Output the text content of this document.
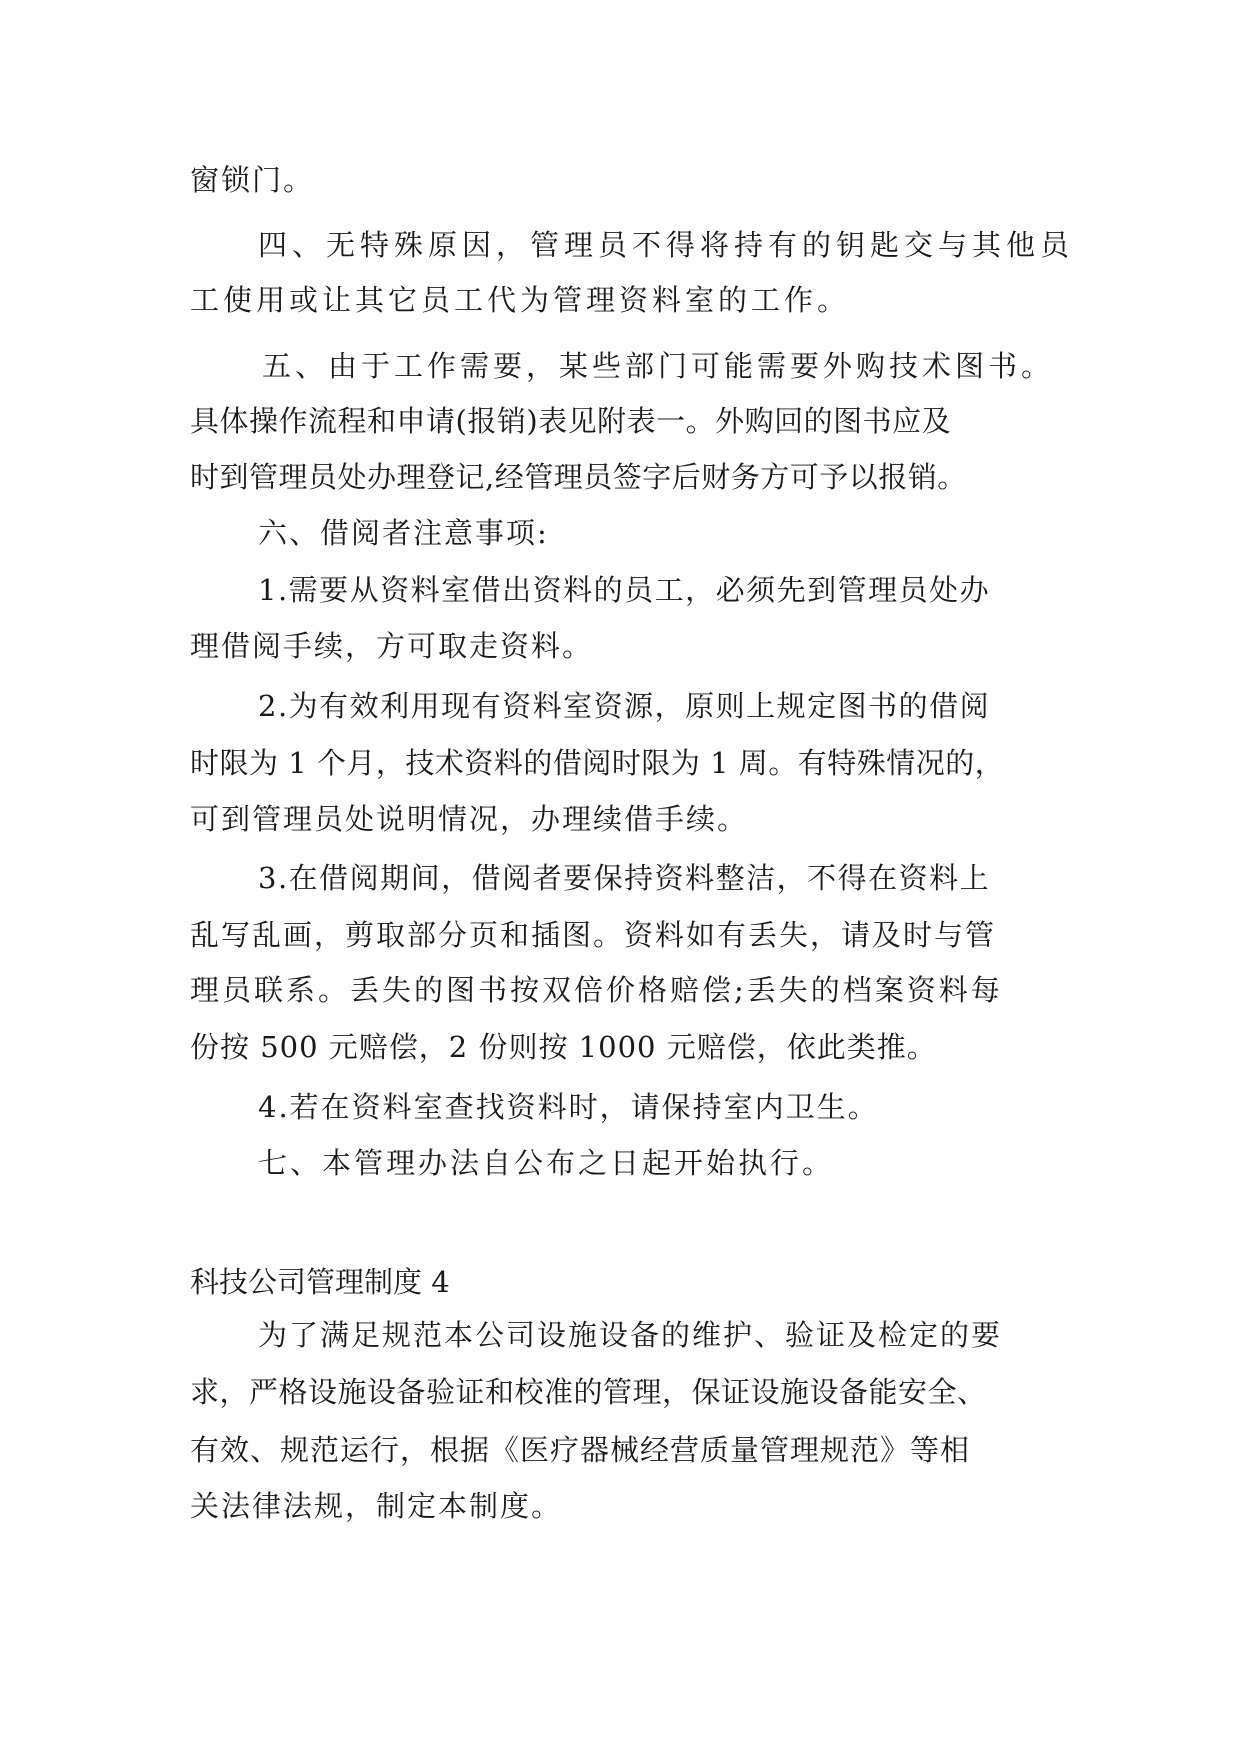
窗锁门。
四、无特殊原因，管理员不得将持有的钥匙交与其他员
工使用或让其它员工代为管理资料室的工作。
五、由于工作需要，某些部门可能需要外购技术图书。
具体操作流程和申请(报销)表见附表一。外购回的图书应及
时到管理员处办理登记,经管理员签字后财务方可予以报销。
六、借阅者注意事项:
1.需要从资料室借出资料的员工，必须先到管理员处办
理借阅手续，方可取走资料。
2.为有效利用现有资料室资源，原则上规定图书的借阅
时限为 1 个月，技术资料的借阅时限为 1 周。有特殊情况的，
可到管理员处说明情况，办理续借手续。
3.在借阅期间，借阅者要保持资料整洁，不得在资料上
乱写乱画，剪取部分页和插图。资料如有丢失，请及时与管
理员联系。丢失的图书按双倍价格赔偿;丢失的档案资料每
份按 500 元赔偿，2 份则按 1000 元赔偿，依此类推。
4.若在资料室查找资料时，请保持室内卫生。
七、本管理办法自公布之日起开始执行。
科技公司管理制度 4
为了满足规范本公司设施设备的维护、验证及检定的要
求，严格设施设备验证和校准的管理，保证设施设备能安全、
有效、规范运行，根据《医疗器械经营质量管理规范》等相
关法律法规，制定本制度。
